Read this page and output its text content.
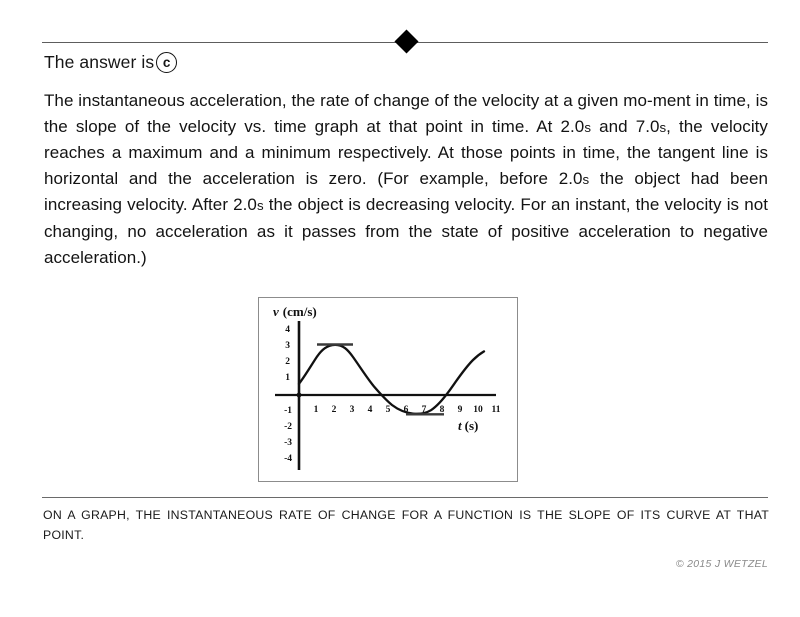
The answer is c

The instantaneous acceleration, the rate of change of the velocity at a given mo-ment in time, is the slope of the velocity vs. time graph at that point in time. At 2.0s and 7.0s, the velocity reaches a maximum and a minimum respectively. At those points in time, the tangent line is horizontal and the acceleration is zero. (For example, before 2.0s the object had been increasing velocity. After 2.0s the object is decreasing velocity. For an instant, the velocity is not changing, no acceleration as it passes from the state of positive acceleration to negative acceleration.)

4
3
2
1
-1
-2
-3
-4
1 2 3 4 5 6 7 8 9 10 11
v (cm/s)
t (s)
ON A GRAPH, THE INSTANTANEOUS RATE OF CHANGE FOR A FUNCTION IS THE SLOPE OF ITS CURVE AT THAT POINT.
© 2015 J WETZEL
